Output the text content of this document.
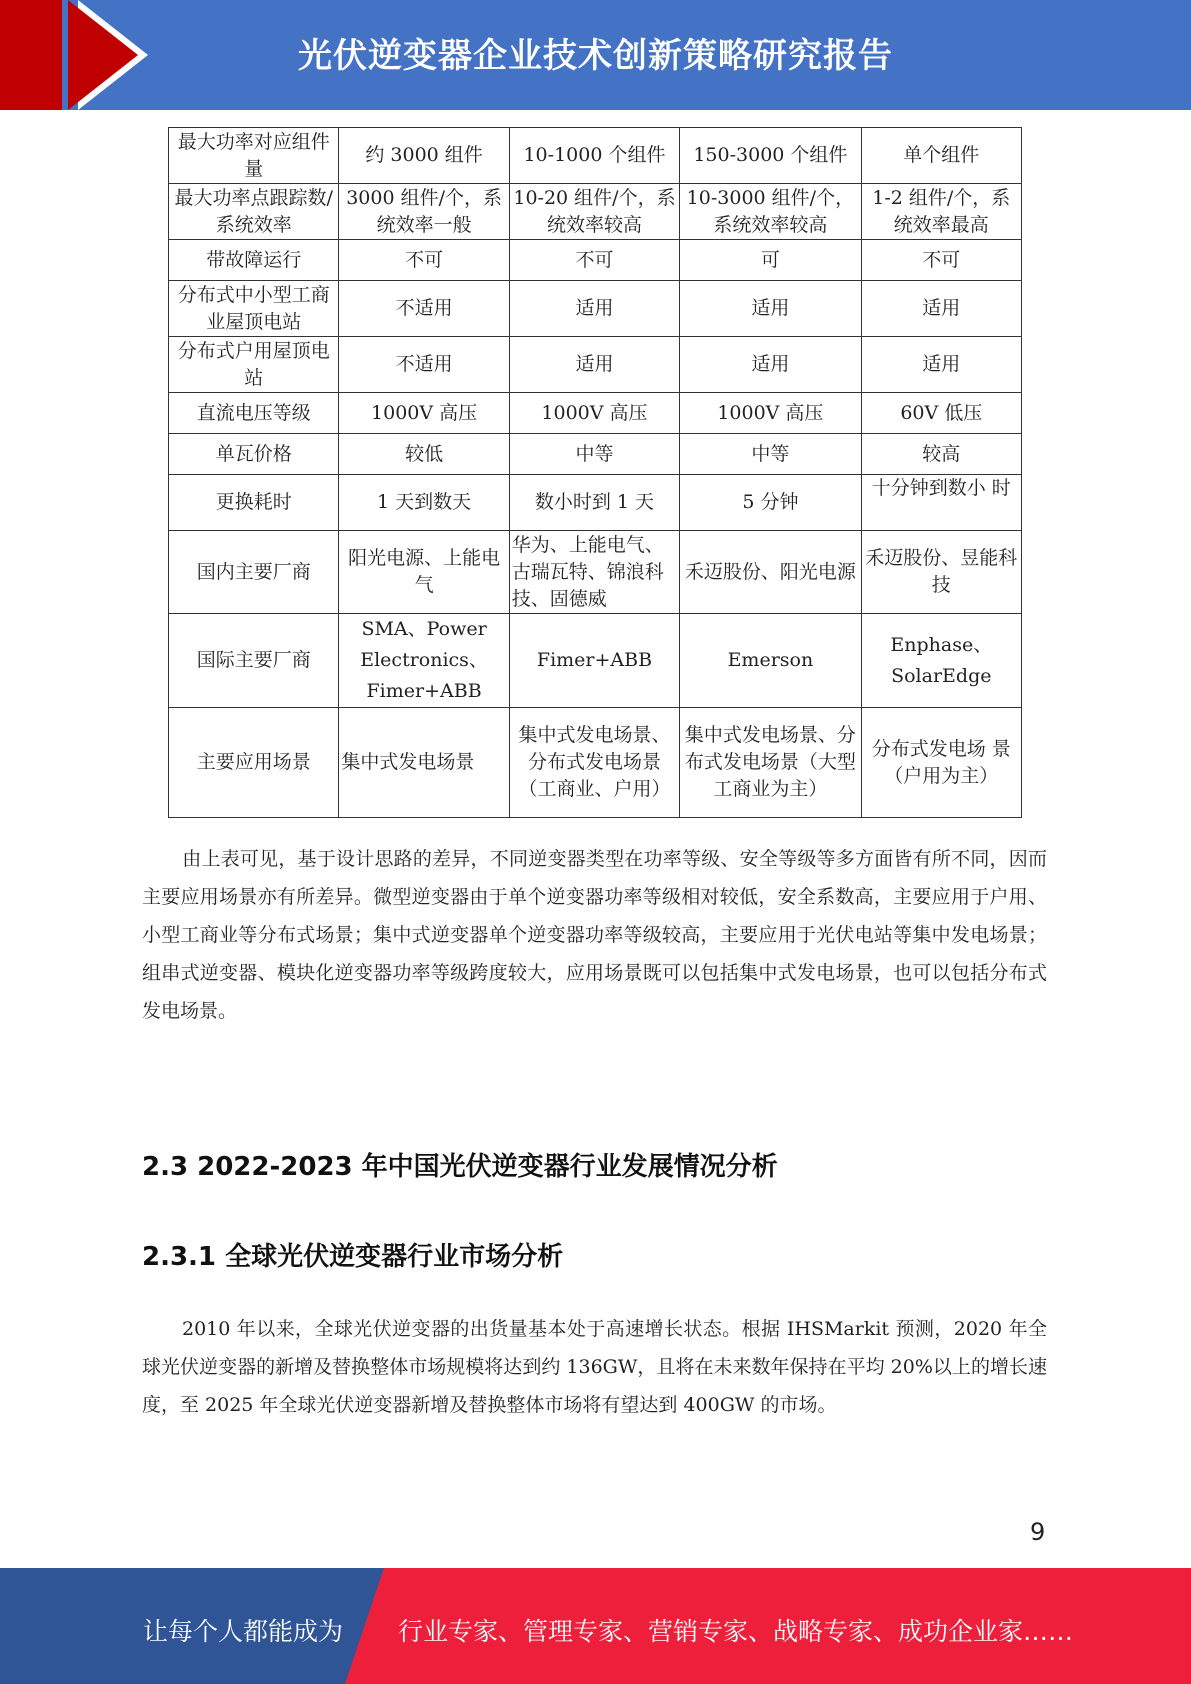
光伏逆变器企业技术创新策略研究报告
最大功率对应组件量	约 3000 组件	10-1000 个组件	150-3000 个组件	单个组件
最大功率点跟踪数/系统效率	3000 组件/个，系统效率一般	10-20 组件/个，系统效率较高	10-3000 组件/个，系统效率较高	1-2 组件/个，系统效率最高
带故障运行	不可	不可	可	不可
分布式中小型工商业屋顶电站	不适用	适用	适用	适用
分布式户用屋顶电站	不适用	适用	适用	适用
直流电压等级	1000V 高压	1000V 高压	1000V 高压	60V 低压
单瓦价格	较低	中等	中等	较高
更换耗时	1 天到数天	数小时到 1 天	5 分钟	十分钟到数小 时
国内主要厂商	阳光电源、上能电气	华为、上能电气、古瑞瓦特、锦浪科技、固德威	禾迈股份、阳光电源	禾迈股份、昱能科技
国际主要厂商	SMA、Power Electronics、Fimer+ABB	Fimer+ABB	Emerson	Enphase、SolarEdge
主要应用场景	集中式发电场景	集中式发电场景、分布式发电场景（工商业、户用）	集中式发电场景、分布式发电场景（大型工商业为主）	分布式发电场 景（户用为主）

由上表可见，基于设计思路的差异，不同逆变器类型在功率等级、安全等级等多方面皆有所不同，因而主要应用场景亦有所差异。微型逆变器由于单个逆变器功率等级相对较低，安全系数高，主要应用于户用、小型工商业等分布式场景；集中式逆变器单个逆变器功率等级较高，主要应用于光伏电站等集中发电场景；组串式逆变器、模块化逆变器功率等级跨度较大，应用场景既可以包括集中式发电场景，也可以包括分布式发电场景。

2.3 2022-2023 年中国光伏逆变器行业发展情况分析
2.3.1 全球光伏逆变器行业市场分析

2010 年以来，全球光伏逆变器的出货量基本处于高速增长状态。根据 IHSMarkit 预测，2020 年全球光伏逆变器的新增及替换整体市场规模将达到约 136GW，且将在未来数年保持在平均 20%以上的增长速度，至 2025 年全球光伏逆变器新增及替换整体市场将有望达到 400GW 的市场。

9
让每个人都能成为 行业专家、管理专家、营销专家、战略专家、成功企业家……
